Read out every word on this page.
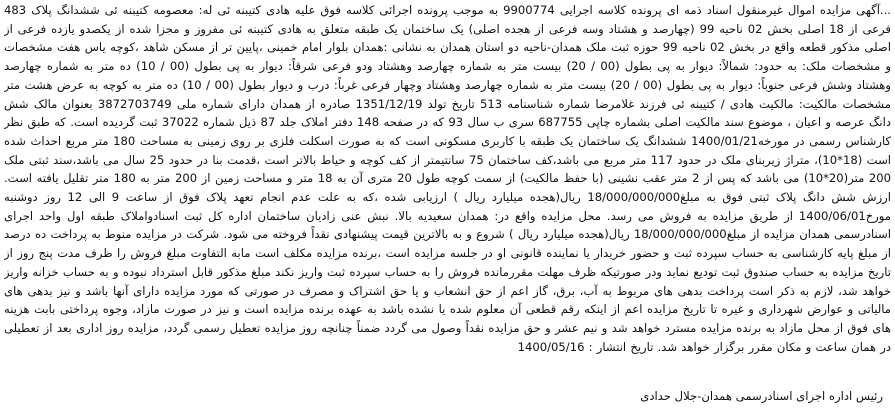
...آگهی مزایده اموال غیرمنقول اسناد ذمه ای پرونده کلاسه اجرایی 9900774 به موجب پرونده اجرائی کلاسه فوق علیه هادی کتیبنه ئی له: معصومه کتیبنه ئی ششدانگ پلاک 483 فرعی از 18 اصلی بخش 02 ناحیه 99 (چهارصد و هشتاد وسه فرعی از هجده اصلی) یک ساختمان یک طبقه متعلق به هادی کتیبنه ئی مفروز و مجزا شده از یکصدو یازده فرعی از اصلی مذکور قطعه واقع در بخش 02 ناحیه 99 حوزه ثبت ملک همدان-ناحیه دو استان همدان به نشانی :همدان بلوار امام خمینی ،پایین تر از مسکن شاهد ،کوچه یاس هفت مشخصات و مشخصات ملک: به حدود: شمالاً: دیوار به پی بطول (00 / 20) بیست متر به شماره چهارصد وهشتاد ودو فرعی شرقاً: دیوار به پی بطول (00 / 10) ده متر به شماره چهارصد وهشتاد وشش فرعی جنوباً: دیوار به پی بطول (00 / 20) بیست متر به شماره چهارصد وهشتاد وچهار فرعی غرباً: درب و دیوار بطول (00 / 10) ده متر به کوچه به عرض هشت متر مشخصات مالکیت: مالکیت هادی / کتیبنه ئی فرزند غلامرضا شماره شناسنامه 513 تاریخ تولد 1351/12/19 صادره از همدان دارای شماره ملی 3872703749 بعنوان مالک شش دانگ عرصه و اعیان ، موضوع سند مالکیت اصلی بشماره چاپی 687755 سری ب سال 93 که در صفحه 148 دفتر املاک جلد 87 ذیل شماره 37022 ثبت گردیده است. که طبق نظر کارشناس رسمی در مورخه1400/01/21 ششدانگ یک ساختمان یک طبقه با کاربری مسکونی است که به صورت اسکلت فلزی بر روی زمینی به مساحت 180 متر مربع احداث شده است (18*10)، متراژ زیربنای ملک در حدود 117 متر مربع می باشد،کف ساختمان 75 سانتیمتر از کف کوچه و حیاط بالاتر است ،قدمت بنا در حدود 25 سال می باشد،سند ثبتی ملک 200 متر(20*10) می باشد که پس از 2 متر عقب نشینی (با حفظ مالکیت) از سمت کوچه طول 20 متری آن به 18 متر و مساحت زمین از 200 متر به 180 متر تقلیل یافته است. ارزش شش دانگ پلاک ثبتی فوق به مبلغ18/000/000/000 ریال(هجده میلیارد ریال ) ارزیابی شده ،که به علت عدم انجام تعهد پلاک فوق از ساعت 9 الی 12 روز دوشنبه مورخ1400/06/01 از طریق مزایده به فروش می رسد. محل مزایده واقع در: همدان سعیدیه بالا. نبش عنی زادیان ساختمان اداره کل ثبت اسنادواملاک طبقه اول واحد اجرای اسنادرسمی همدان مزایده از مبلغ18/000/000/000 ریال(هجده میلیارد ریال ) شروع و به بالاترین قیمت پیشنهادی نقداً فروخته می شود. شرکت در مزایده منوط به پرداخت ده درصد از مبلغ پایه کارشناسی به حساب سپرده ثبت و حضور خریدار یا نماینده قانونی او در جلسه مزایده است ،برنده مزایده مکلف است مابه التفاوت مبلغ فروش را ظرف مدت پنج روز از تاریخ مزایده به حساب صندوق ثبت تودیع نماید ودر صورتیکه ظرف مهلت مقررمانده فروش را به حساب سپرده ثبت واریز نکند مبلغ مذکور قابل استرداد نبوده و به حساب خزانه واریز خواهد شد، لازم به ذکر است پرداخت بدهی های مربوط به آب، برق، گاز اعم از حق انشعاب و یا حق اشتراک و مصرف در صورتی که مورد مزایده دارای آنها باشد و نیز بدهی های مالیاتی و عوارض شهرداری و غیره تا تاریخ مزایده اعم از اینکه رقم قطعی آن معلوم شده یا نشده باشد به عهده برنده مزایده است و نیز در صورت مازاد، وجوه پرداختی بابت هزینه های فوق از محل مازاد به برنده مزایده مسترد خواهد شد و نیم عشر و حق مزایده نقداً وصول می گردد ضمناً چنانچه روز مزایده تعطیل رسمی گردد، مزایده روز اداری بعد از تعطیلی در همان ساعت و مکان مقرر برگزار خواهد شد. تاریخ انتشار : 1400/05/16

رئیس اداره اجرای اسنادرسمی همدان-جلال حدادی
